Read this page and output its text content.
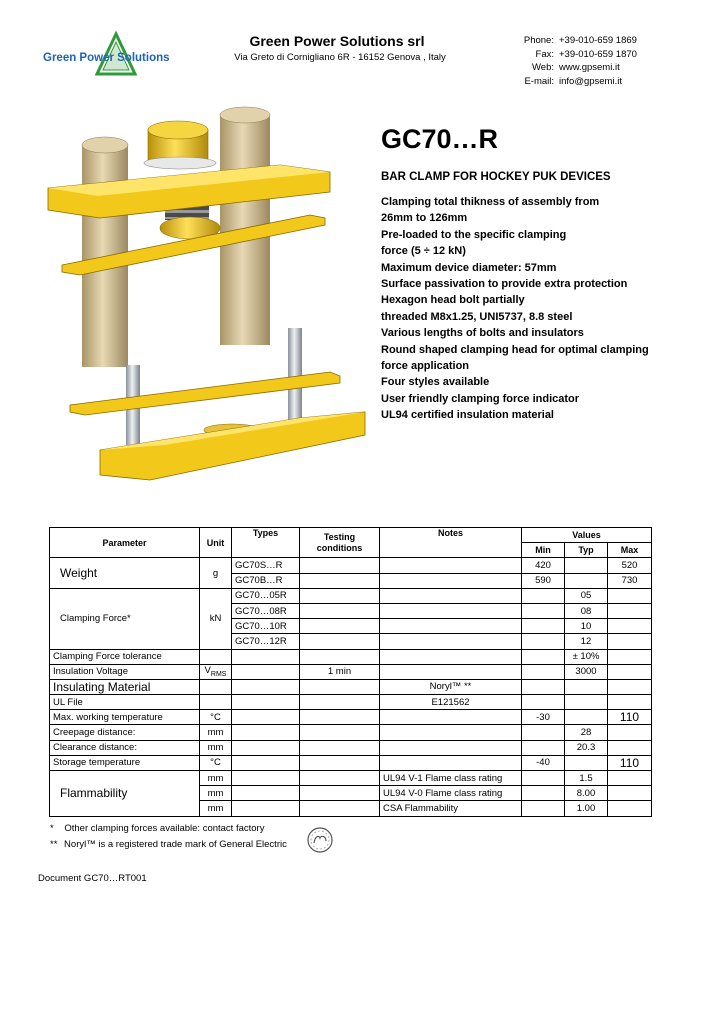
Green Power Solutions
Green Power Solutions srl
Via Greto di Cornigliano 6R - 16152 Genova , Italy
Phone: +39-010-659 1869
Fax: +39-010-659 1870
Web: www.gpsemi.it
E-mail: info@gpsemi.it
GC70…R
BAR CLAMP FOR HOCKEY PUK DEVICES
Clamping total thikness of assembly from
26mm to 126mm
Pre-loaded to the specific clamping
force (5 ÷ 12 kN)
Maximum device diameter: 57mm
Surface passivation to provide extra protection
Hexagon head bolt partially
threaded M8x1.25, UNI5737, 8.8 steel
Various lengths of bolts and insulators
Round shaped clamping head for optimal clamping
force application
Four styles available
User friendly clamping force indicator
UL94 certified insulation material
Parameter	Unit	Types	Testing conditions	Notes	Values		
					Min	Typ	Max
Weight	g	GC70S…R			420		520
		GC70B…R			590		730
Clamping Force*	kN	GC70…05R				05	
		GC70…08R				08	
		GC70…10R				10	
		GC70…12R				12	
Clamping Force tolerance						± 10%	
Insulation Voltage	$V_{RMS}$		1 min			3000	
Insulating Material				Noryl™ **			
UL File				E121562			
Max. working temperature	°C				-30		110
Creepage distance:	mm					28	
Clearance distance:	mm					20.3	
Storage temperature	°C				-40		110
Flammability	mm			UL94 V-1 Flame class rating		1.5	
	mm			UL94 V-0 Flame class rating		8.00	
	mm			CSA Flammability		1.00	
* Other clamping forces available: contact factory
** Noryl™ is a registered trade mark of General Electric
Document GC70…RT001
